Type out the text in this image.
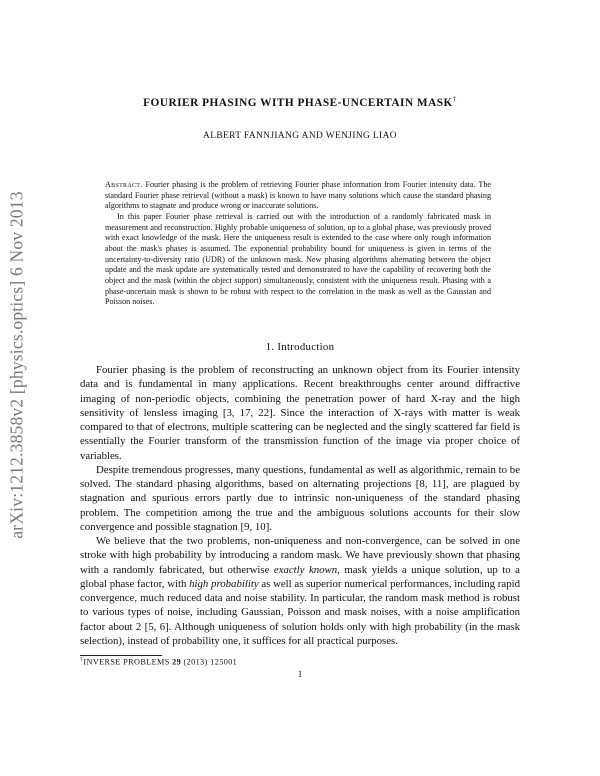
arXiv:1212.3858v2 [physics.optics] 6 Nov 2013
FOURIER PHASING WITH PHASE-UNCERTAIN MASK†
ALBERT FANNJIANG AND WENJING LIAO

Abstract. Fourier phasing is the problem of retrieving Fourier phase information from Fourier intensity data. The standard Fourier phase retrieval (without a mask) is known to have many solutions which cause the standard phasing algorithms to stagnate and produce wrong or inaccurate solutions.

In this paper Fourier phase retrieval is carried out with the introduction of a randomly fabricated mask in measurement and reconstruction. Highly probable uniqueness of solution, up to a global phase, was previously proved with exact knowledge of the mask. Here the uniqueness result is extended to the case where only rough information about the mask's phases is assumed. The exponential probability bound for uniqueness is given in terms of the uncertainty-to-diversity ratio (UDR) of the unknown mask. New phasing algorithms alternating between the object update and the mask update are systematically tested and demonstrated to have the capability of recovering both the object and the mask (within the object support) simultaneously, consistent with the uniqueness result. Phasing with a phase-uncertain mask is shown to be robust with respect to the correlation in the mask as well as the Gaussian and Poisson noises.

1. Introduction

Fourier phasing is the problem of reconstructing an unknown object from its Fourier intensity data and is fundamental in many applications. Recent breakthroughs center around diffractive imaging of non-periodic objects, combining the penetration power of hard X-ray and the high sensitivity of lensless imaging [3, 17, 22]. Since the interaction of X-rays with matter is weak compared to that of electrons, multiple scattering can be neglected and the singly scattered far field is essentially the Fourier transform of the transmission function of the image via proper choice of variables.

Despite tremendous progresses, many questions, fundamental as well as algorithmic, remain to be solved. The standard phasing algorithms, based on alternating projections [8, 11], are plagued by stagnation and spurious errors partly due to intrinsic non-uniqueness of the standard phasing problem. The competition among the true and the ambiguous solutions accounts for their slow convergence and possible stagnation [9, 10].

We believe that the two problems, non-uniqueness and non-convergence, can be solved in one stroke with high probability by introducing a random mask. We have previously shown that phasing with a randomly fabricated, but otherwise exactly known, mask yields a unique solution, up to a global phase factor, with high probability as well as superior numerical performances, including rapid convergence, much reduced data and noise stability. In particular, the random mask method is robust to various types of noise, including Gaussian, Poisson and mask noises, with a noise amplification factor about 2 [5, 6]. Although uniqueness of solution holds only with high probability (in the mask selection), instead of probability one, it suffices for all practical purposes.

†INVERSE PROBLEMS 29 (2013) 125001
1
